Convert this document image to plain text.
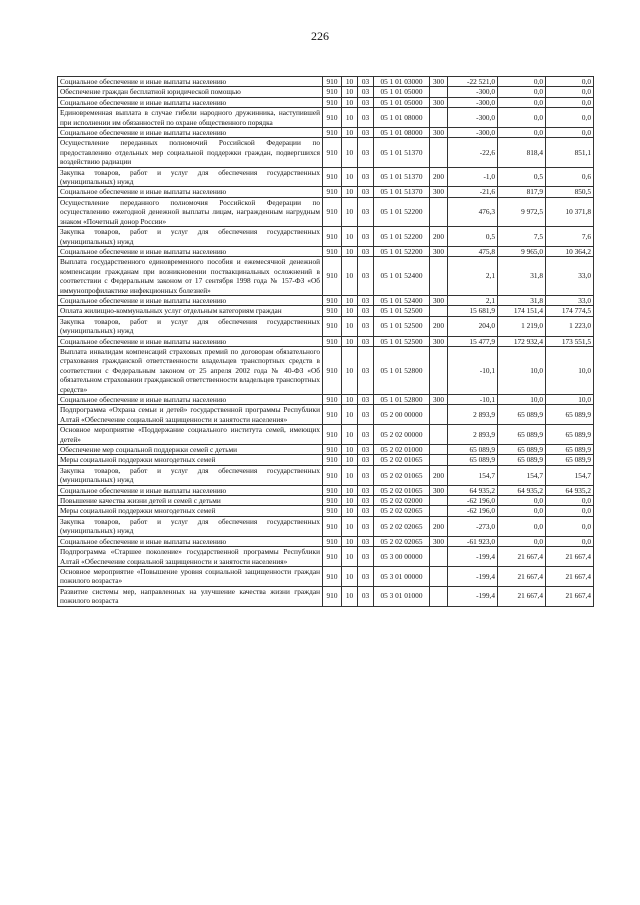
226
Социальное обеспечение и иные выплаты населению	910	10	03	05 1 01 03000	300	-22 521,0	0,0	0,0
Обеспечение граждан бесплатной юридической помощью	910	10	03	05 1 01 05000		-300,0	0,0	0,0
Социальное обеспечение и иные выплаты населению	910	10	03	05 1 01 05000	300	-300,0	0,0	0,0
Единовременная выплата в случае гибели народного дружинника, наступившей при исполнении им обязанностей по охране общественного порядка	910	10	03	05 1 01 08000		-300,0	0,0	0,0
Социальное обеспечение и иные выплаты населению	910	10	03	05 1 01 08000	300	-300,0	0,0	0,0
Осуществление переданных полномочий Российской Федерации по предоставлению отдельных мер социальной поддержки граждан, подвергшихся воздействию радиации	910	10	03	05 1 01 51370		-22,6	818,4	851,1
Закупка товаров, работ и услуг для обеспечения государственных (муниципальных) нужд	910	10	03	05 1 01 51370	200	-1,0	0,5	0,6
Социальное обеспечение и иные выплаты населению	910	10	03	05 1 01 51370	300	-21,6	817,9	850,5
Осуществление переданного полномочия Российской Федерации по осуществлению ежегодной денежной выплаты лицам, награжденным нагрудным знаком «Почетный донор России»	910	10	03	05 1 01 52200		476,3	9 972,5	10 371,8
Закупка товаров, работ и услуг для обеспечения государственных (муниципальных) нужд	910	10	03	05 1 01 52200	200	0,5	7,5	7,6
Социальное обеспечение и иные выплаты населению	910	10	03	05 1 01 52200	300	475,8	9 965,0	10 364,2
Выплата государственного единовременного пособия и ежемесячной денежной компенсации гражданам при возникновении поствакцинальных осложнений в соответствии с Федеральным законом от 17 сентября 1998 года № 157-ФЗ «Об иммунопрофилактике инфекционных болезней»	910	10	03	05 1 01 52400		2,1	31,8	33,0
Социальное обеспечение и иные выплаты населению	910	10	03	05 1 01 52400	300	2,1	31,8	33,0
Оплата жилищно-коммунальных услуг отдельным категориям граждан	910	10	03	05 1 01 52500		15 681,9	174 151,4	174 774,5
Закупка товаров, работ и услуг для обеспечения государственных (муниципальных) нужд	910	10	03	05 1 01 52500	200	204,0	1 219,0	1 223,0
Социальное обеспечение и иные выплаты населению	910	10	03	05 1 01 52500	300	15 477,9	172 932,4	173 551,5
Выплата инвалидам компенсаций страховых премий по договорам обязательного страхования гражданской ответственности владельцев транспортных средств в соответствии с Федеральным законом от 25 апреля 2002 года № 40-ФЗ «Об обязательном страховании гражданской ответственности владельцев транспортных средств»	910	10	03	05 1 01 52800		-10,1	10,0	10,0
Социальное обеспечение и иные выплаты населению	910	10	03	05 1 01 52800	300	-10,1	10,0	10,0
Подпрограмма «Охрана семьи и детей» государственной программы Республики Алтай «Обеспечение социальной защищенности и занятости населения»	910	10	03	05 2 00 00000		2 893,9	65 089,9	65 089,9
Основное мероприятие «Поддержание социального института семей, имеющих детей»	910	10	03	05 2 02 00000		2 893,9	65 089,9	65 089,9
Обеспечение мер социальной поддержки семей с детьми	910	10	03	05 2 02 01000		65 089,9	65 089,9	65 089,9
Меры социальной поддержки многодетных семей	910	10	03	05 2 02 01065		65 089,9	65 089,9	65 089,9
Закупка товаров, работ и услуг для обеспечения государственных (муниципальных) нужд	910	10	03	05 2 02 01065	200	154,7	154,7	154,7
Социальное обеспечение и иные выплаты населению	910	10	03	05 2 02 01065	300	64 935,2	64 935,2	64 935,2
Повышение качества жизни детей и семей с детьми	910	10	03	05 2 02 02000		-62 196,0	0,0	0,0
Меры социальной поддержки многодетных семей	910	10	03	05 2 02 02065		-62 196,0	0,0	0,0
Закупка товаров, работ и услуг для обеспечения государственных (муниципальных) нужд	910	10	03	05 2 02 02065	200	-273,0	0,0	0,0
Социальное обеспечение и иные выплаты населению	910	10	03	05 2 02 02065	300	-61 923,0	0,0	0,0
Подпрограмма «Старшее поколение» государственной программы Республики Алтай «Обеспечение социальной защищенности и занятости населения»	910	10	03	05 3 00 00000		-199,4	21 667,4	21 667,4
Основное мероприятие «Повышение уровня социальной защищенности граждан пожилого возраста»	910	10	03	05 3 01 00000		-199,4	21 667,4	21 667,4
Развитие системы мер, направленных на улучшение качества жизни граждан пожилого возраста	910	10	03	05 3 01 01000		-199,4	21 667,4	21 667,4
